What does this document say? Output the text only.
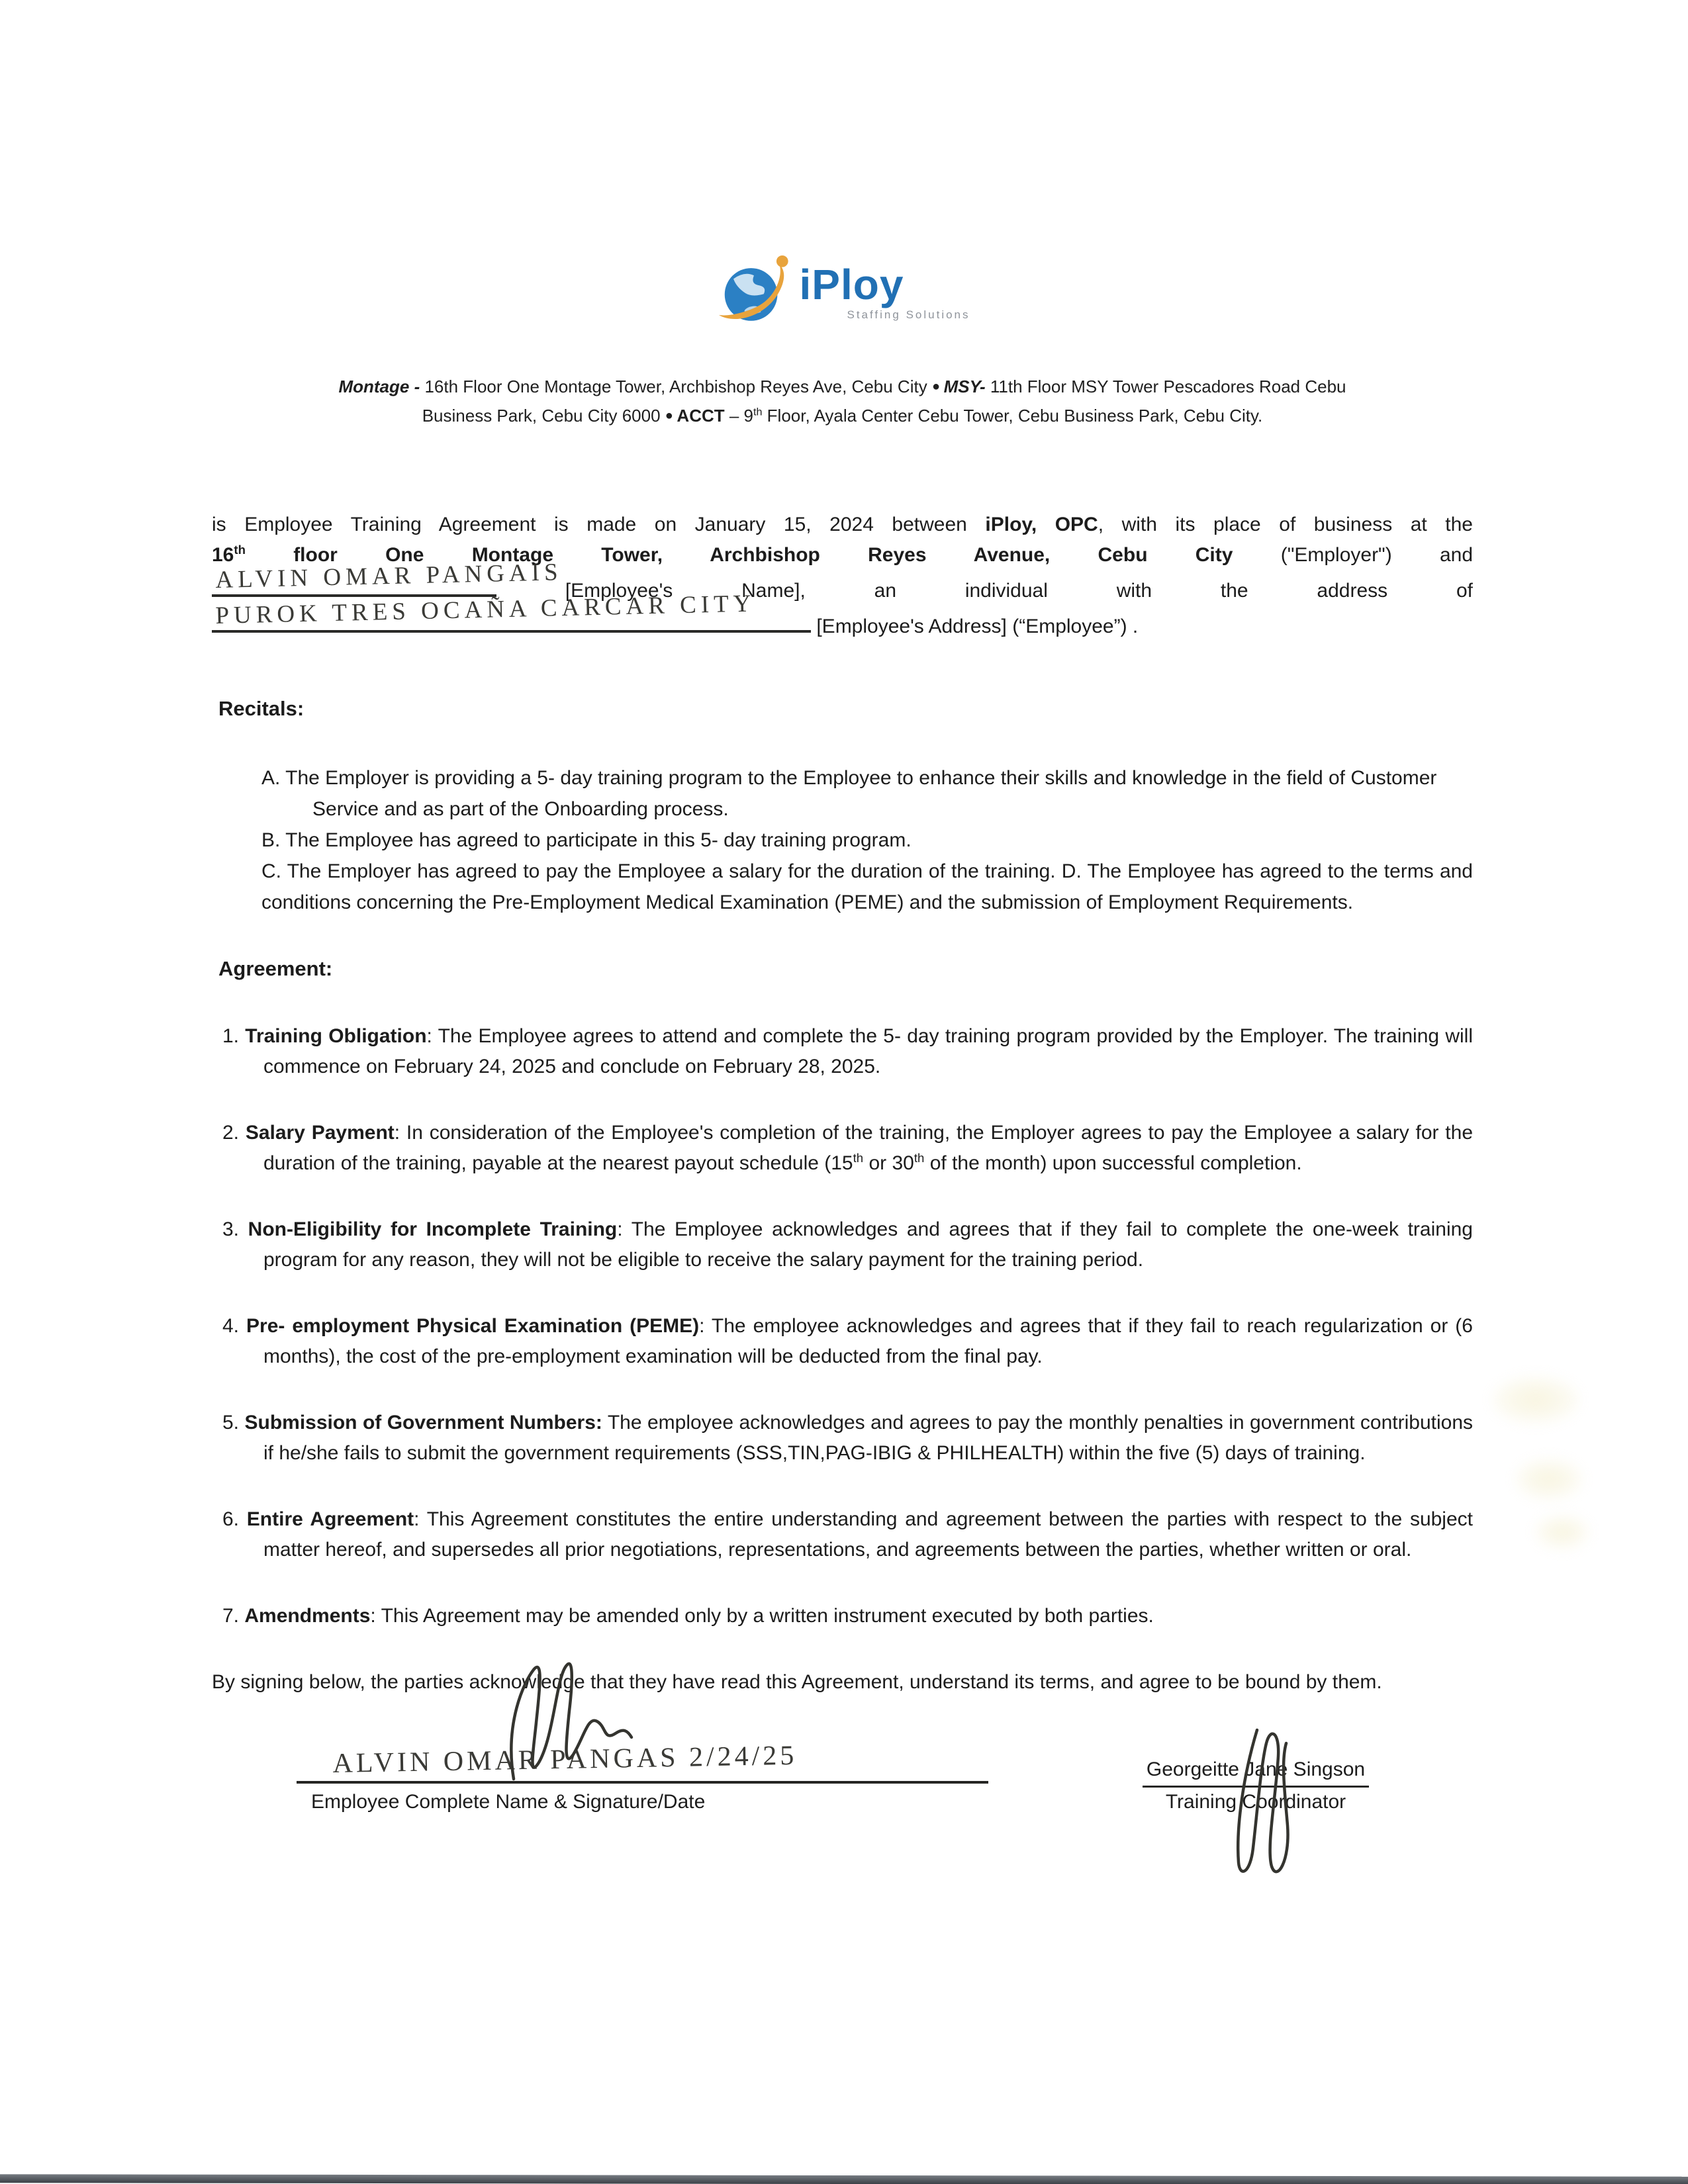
iPloy
Staffing Solutions

Montage - 16th Floor One Montage Tower, Archbishop Reyes Ave, Cebu City ● MSY- 11th Floor MSY Tower Pescadores Road Cebu Business Park, Cebu City 6000 ● ACCT – 9th Floor, Ayala Center Cebu Tower, Cebu Business Park, Cebu City.

is Employee Training Agreement is made on January 15, 2024 between iPloy, OPC, with its place of business at the

16th floor One Montage Tower, Archbishop Reyes Avenue, Cebu City ("Employer") and

ALVIN OMAR PANGAIS [Employee's Name], an individual with the address of

PUROK TRES OCAÑA CARCAR CITY	[Employee's Address] (“Employee”) .

Recitals:

A. The Employer is providing a 5- day training program to the Employee to enhance their skills and knowledge in the field of Customer Service and as part of the Onboarding process.

B. The Employee has agreed to participate in this 5- day training program.

C. The Employer has agreed to pay the Employee a salary for the duration of the training. D. The Employee has agreed to the terms and conditions concerning the Pre-Employment Medical Examination (PEME) and the submission of Employment Requirements.

Agreement:

1. Training Obligation: The Employee agrees to attend and complete the 5- day training program provided by the Employer. The training will commence on February 24, 2025 and conclude on February 28, 2025.

2. Salary Payment: In consideration of the Employee's completion of the training, the Employer agrees to pay the Employee a salary for the duration of the training, payable at the nearest payout schedule (15th or 30th of the month) upon successful completion.

3. Non-Eligibility for Incomplete Training: The Employee acknowledges and agrees that if they fail to complete the one-week training program for any reason, they will not be eligible to receive the salary payment for the training period.

4. Pre- employment Physical Examination (PEME): The employee acknowledges and agrees that if they fail to reach regularization or (6 months), the cost of the pre-employment examination will be deducted from the final pay.

5. Submission of Government Numbers: The employee acknowledges and agrees to pay the monthly penalties in government contributions if he/she fails to submit the government requirements (SSS,TIN,PAG-IBIG & PHILHEALTH) within the five (5) days of training.

6. Entire Agreement: This Agreement constitutes the entire understanding and agreement between the parties with respect to the subject matter hereof, and supersedes all prior negotiations, representations, and agreements between the parties, whether written or oral.

7. Amendments: This Agreement may be amended only by a written instrument executed by both parties.

By signing below, the parties acknowledge that they have read this Agreement, understand its terms, and agree to be bound by them.

ALVIN OMAR PANGAS 2/24/25
Employee Complete Name & Signature/Date
Georgeitte Jane Singson
Training Coordinator
